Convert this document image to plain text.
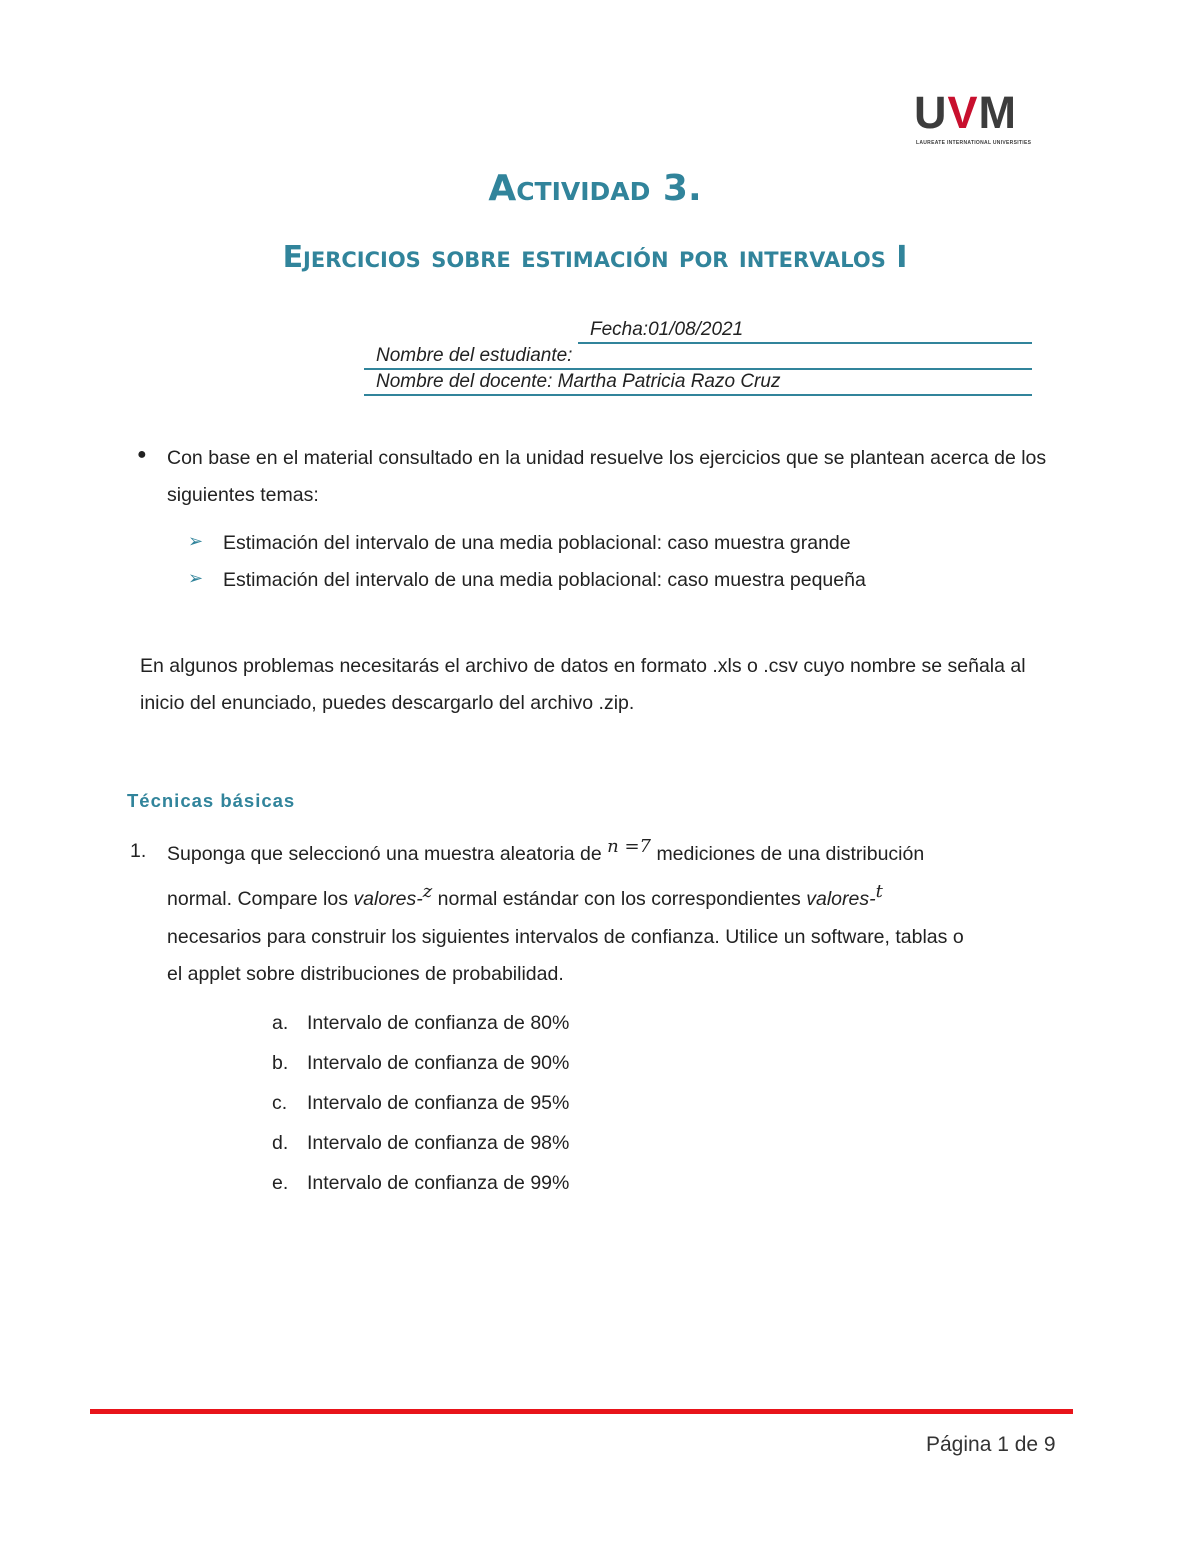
UVM
LAUREATE INTERNATIONAL UNIVERSITIES
Actividad 3.
Ejercicios sobre estimación por intervalos I
Fecha:01/08/2021
Nombre del estudiante:
Nombre del docente: Martha Patricia Razo Cruz
● Con base en el material consultado en la unidad resuelve los ejercicios que se plantean acerca de los siguientes temas:
➢ Estimación del intervalo de una media poblacional: caso muestra grande
➢ Estimación del intervalo de una media poblacional: caso muestra pequeña
En algunos problemas necesitarás el archivo de datos en formato .xls o .csv cuyo nombre se señala al inicio del enunciado, puedes descargarlo del archivo .zip.
Técnicas básicas
1. Suponga que seleccionó una muestra aleatoria de n =7 mediciones de una distribución
normal. Compare los valores-z normal estándar con los correspondientes valores-t
necesarios para construir los siguientes intervalos de confianza. Utilice un software, tablas o
el applet sobre distribuciones de probabilidad.
a. Intervalo de confianza de 80%
b. Intervalo de confianza de 90%
c. Intervalo de confianza de 95%
d. Intervalo de confianza de 98%
e. Intervalo de confianza de 99%
Página 1 de 9
